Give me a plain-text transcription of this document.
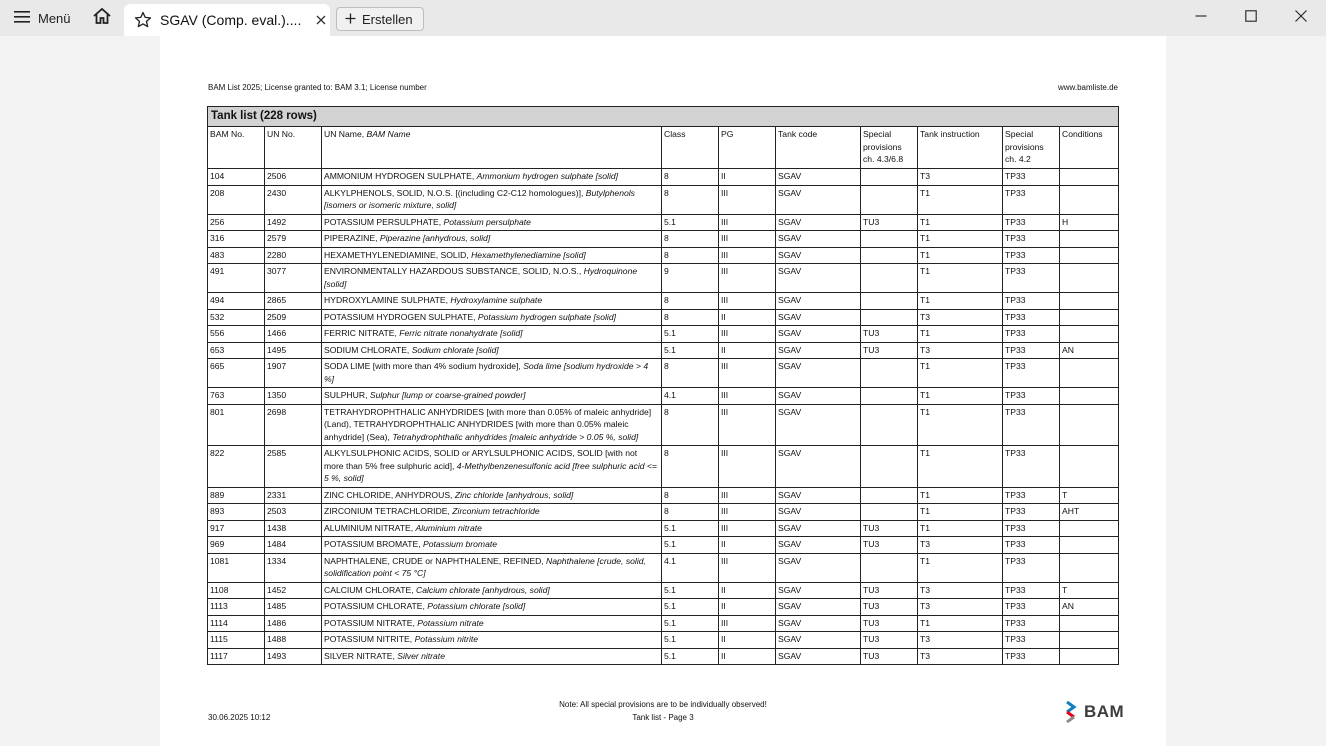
Menü	SGAV (Comp. eval.)....	Erstellen
BAM List 2025; License granted to: BAM 3.1; License number	www.bamliste.de
Tank list (228 rows)									
BAM No.	UN No.	UN Name, BAM Name	Class	PG	Tank code	Special provisions ch. 4.3/6.8	Tank instruction	Special provisions ch. 4.2	Conditions
104	2506	AMMONIUM HYDROGEN SULPHATE, Ammonium hydrogen sulphate [solid]	8	II	SGAV		T3	TP33	
208	2430	ALKYLPHENOLS, SOLID, N.O.S. [(including C2-C12 homologues)], Butylphenols [isomers or isomeric mixture, solid]	8	III	SGAV		T1	TP33	
256	1492	POTASSIUM PERSULPHATE, Potassium persulphate	5.1	III	SGAV	TU3	T1	TP33	H
316	2579	PIPERAZINE, Piperazine [anhydrous, solid]	8	III	SGAV		T1	TP33	
483	2280	HEXAMETHYLENEDIAMINE, SOLID, Hexamethylenediamine [solid]	8	III	SGAV		T1	TP33	
491	3077	ENVIRONMENTALLY HAZARDOUS SUBSTANCE, SOLID, N.O.S., Hydroquinone [solid]	9	III	SGAV		T1	TP33	
494	2865	HYDROXYLAMINE SULPHATE, Hydroxylamine sulphate	8	III	SGAV		T1	TP33	
532	2509	POTASSIUM HYDROGEN SULPHATE, Potassium hydrogen sulphate [solid]	8	II	SGAV		T3	TP33	
556	1466	FERRIC NITRATE, Ferric nitrate nonahydrate [solid]	5.1	III	SGAV	TU3	T1	TP33	
653	1495	SODIUM CHLORATE, Sodium chlorate [solid]	5.1	II	SGAV	TU3	T3	TP33	AN
665	1907	SODA LIME [with more than 4% sodium hydroxide], Soda lime [sodium hydroxide > 4 %]	8	III	SGAV		T1	TP33	
763	1350	SULPHUR, Sulphur [lump or coarse-grained powder]	4.1	III	SGAV		T1	TP33	
801	2698	TETRAHYDROPHTHALIC ANHYDRIDES [with more than 0.05% of maleic anhydride] (Land), TETRAHYDROPHTHALIC ANHYDRIDES [with more than 0.05% maleic anhydride] (Sea), Tetrahydrophthalic anhydrides [maleic anhydride > 0.05 %, solid]	8	III	SGAV		T1	TP33	
822	2585	ALKYLSULPHONIC ACIDS, SOLID or ARYLSULPHONIC ACIDS, SOLID [with not more than 5% free sulphuric acid], 4-Methylbenzenesulfonic acid [free sulphuric acid <= 5 %, solid]	8	III	SGAV		T1	TP33	
889	2331	ZINC CHLORIDE, ANHYDROUS, Zinc chloride [anhydrous, solid]	8	III	SGAV		T1	TP33	T
893	2503	ZIRCONIUM TETRACHLORIDE, Zirconium tetrachloride	8	III	SGAV		T1	TP33	AHT
917	1438	ALUMINIUM NITRATE, Aluminium nitrate	5.1	III	SGAV	TU3	T1	TP33	
969	1484	POTASSIUM BROMATE, Potassium bromate	5.1	II	SGAV	TU3	T3	TP33	
1081	1334	NAPHTHALENE, CRUDE or NAPHTHALENE, REFINED, Naphthalene [crude, solid, solidification point < 75 °C]	4.1	III	SGAV		T1	TP33	
1108	1452	CALCIUM CHLORATE, Calcium chlorate [anhydrous, solid]	5.1	II	SGAV	TU3	T3	TP33	T
1113	1485	POTASSIUM CHLORATE, Potassium chlorate [solid]	5.1	II	SGAV	TU3	T3	TP33	AN
1114	1486	POTASSIUM NITRATE, Potassium nitrate	5.1	III	SGAV	TU3	T1	TP33	
1115	1488	POTASSIUM NITRITE, Potassium nitrite	5.1	II	SGAV	TU3	T3	TP33	
1117	1493	SILVER NITRATE, Silver nitrate	5.1	II	SGAV	TU3	T3	TP33	
Note: All special provisions are to be individually observed!
30.06.2025 10:12	Tank list - Page 3	BAM
